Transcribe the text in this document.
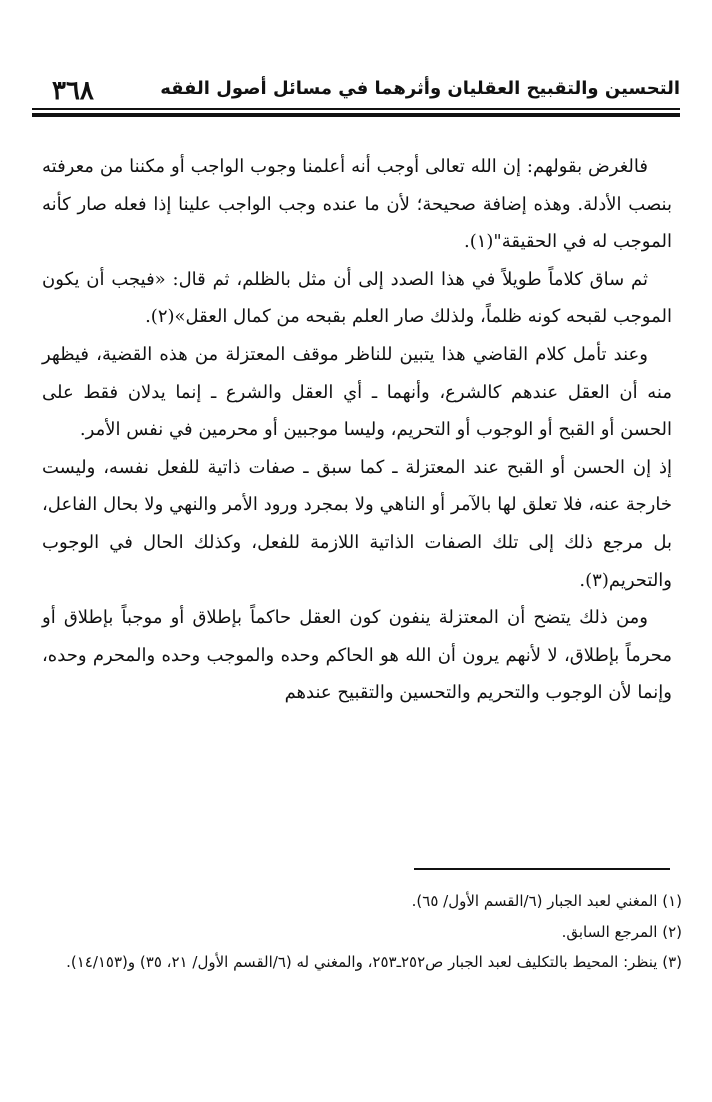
٣٦٨	التحسين والتقبيح العقليان وأثرهما في مسائل أصول الفقه

فالغرض بقولهم: إن الله تعالى أوجب أنه أعلمنا وجوب الواجب أو مكننا من معرفته بنصب الأدلة. وهذه إضافة صحيحة؛ لأن ما عنده وجب الواجب علينا إذا فعله صار كأنه الموجب له في الحقيقة"(١).

ثم ساق كلاماً طويلاً في هذا الصدد إلى أن مثل بالظلم، ثم قال: «فيجب أن يكون الموجب لقبحه كونه ظلماً، ولذلك صار العلم بقبحه من كمال العقل»(٢).

وعند تأمل كلام القاضي هذا يتبين للناظر موقف المعتزلة من هذه القضية، فيظهر منه أن العقل عندهم كالشرع، وأنهما ـ أي العقل والشرع ـ إنما يدلان فقط على الحسن أو القبح أو الوجوب أو التحريم، وليسا موجبين أو محرمين في نفس الأمر.

إذ إن الحسن أو القبح عند المعتزلة ـ كما سبق ـ صفات ذاتية للفعل نفسه، وليست خارجة عنه، فلا تعلق لها بالآمر أو الناهي ولا بمجرد ورود الأمر والنهي ولا بحال الفاعل، بل مرجع ذلك إلى تلك الصفات الذاتية اللازمة للفعل، وكذلك الحال في الوجوب والتحريم(٣).

ومن ذلك يتضح أن المعتزلة ينفون كون العقل حاكماً بإطلاق أو موجباً بإطلاق أو محرماً بإطلاق، لا لأنهم يرون أن الله هو الحاكم وحده والموجب وحده والمحرم وحده، وإنما لأن الوجوب والتحريم والتحسين والتقبيح عندهم

(١) المغني لعبد الجبار (٦/القسم الأول/ ٦٥).

(٢) المرجع السابق.

(٣) ينظر: المحيط بالتكليف لعبد الجبار ص٢٥٢ـ٢٥٣، والمغني له (٦/القسم الأول/ ٢١، ٣٥) و(١٤/١٥٣).
